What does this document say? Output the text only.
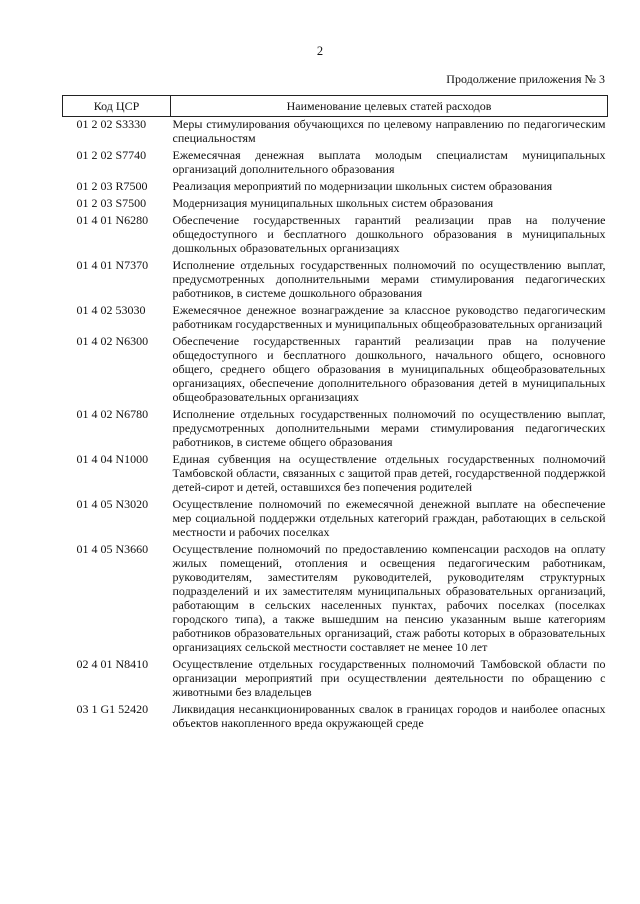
2
Продолжение приложения № 3
Код ЦСР	Наименование целевых статей расходов
01 2 02 S3330	Меры стимулирования обучающихся по целевому направлению по педагогическим специальностям
01 2 02 S7740	Ежемесячная денежная выплата молодым специалистам муниципальных организаций дополнительного образования
01 2 03 R7500	Реализация мероприятий по модернизации школьных систем образования
01 2 03 S7500	Модернизация муниципальных школьных систем образования
01 4 01 N6280	Обеспечение государственных гарантий реализации прав на получение общедоступного и бесплатного дошкольного образования в муниципальных дошкольных образовательных организациях
01 4 01 N7370	Исполнение отдельных государственных полномочий по осуществлению выплат, предусмотренных дополнительными мерами стимулирования педагогических работников, в системе дошкольного образования
01 4 02 53030	Ежемесячное денежное вознаграждение за классное руководство педагогическим работникам государственных и муниципальных общеобразовательных организаций
01 4 02 N6300	Обеспечение государственных гарантий реализации прав на получение общедоступного и бесплатного дошкольного, начального общего, основного общего, среднего общего образования в муниципальных общеобразовательных организациях, обеспечение дополнительного образования детей в муниципальных общеобразовательных организациях
01 4 02 N6780	Исполнение отдельных государственных полномочий по осуществлению выплат, предусмотренных дополнительными мерами стимулирования педагогических работников, в системе общего образования
01 4 04 N1000	Единая субвенция на осуществление отдельных государственных полномочий Тамбовской области, связанных с защитой прав детей, государственной поддержкой детей-сирот и детей, оставшихся без попечения родителей
01 4 05 N3020	Осуществление полномочий по ежемесячной денежной выплате на обеспечение мер социальной поддержки отдельных категорий граждан, работающих в сельской местности и рабочих поселках
01 4 05 N3660	Осуществление полномочий по предоставлению компенсации расходов на оплату жилых помещений, отопления и освещения педагогическим работникам, руководителям, заместителям руководителей, руководителям структурных подразделений и их заместителям муниципальных образовательных организаций, работающим в сельских населенных пунктах, рабочих поселках (поселках городского типа), а также вышедшим на пенсию указанным выше категориям работников образовательных организаций, стаж работы которых в образовательных организациях сельской местности составляет не менее 10 лет
02 4 01 N8410	Осуществление отдельных государственных полномочий Тамбовской области по организации мероприятий при осуществлении деятельности по обращению с животными без владельцев
03 1 G1 52420	Ликвидация несанкционированных свалок в границах городов и наиболее опасных объектов накопленного вреда окружающей среде
